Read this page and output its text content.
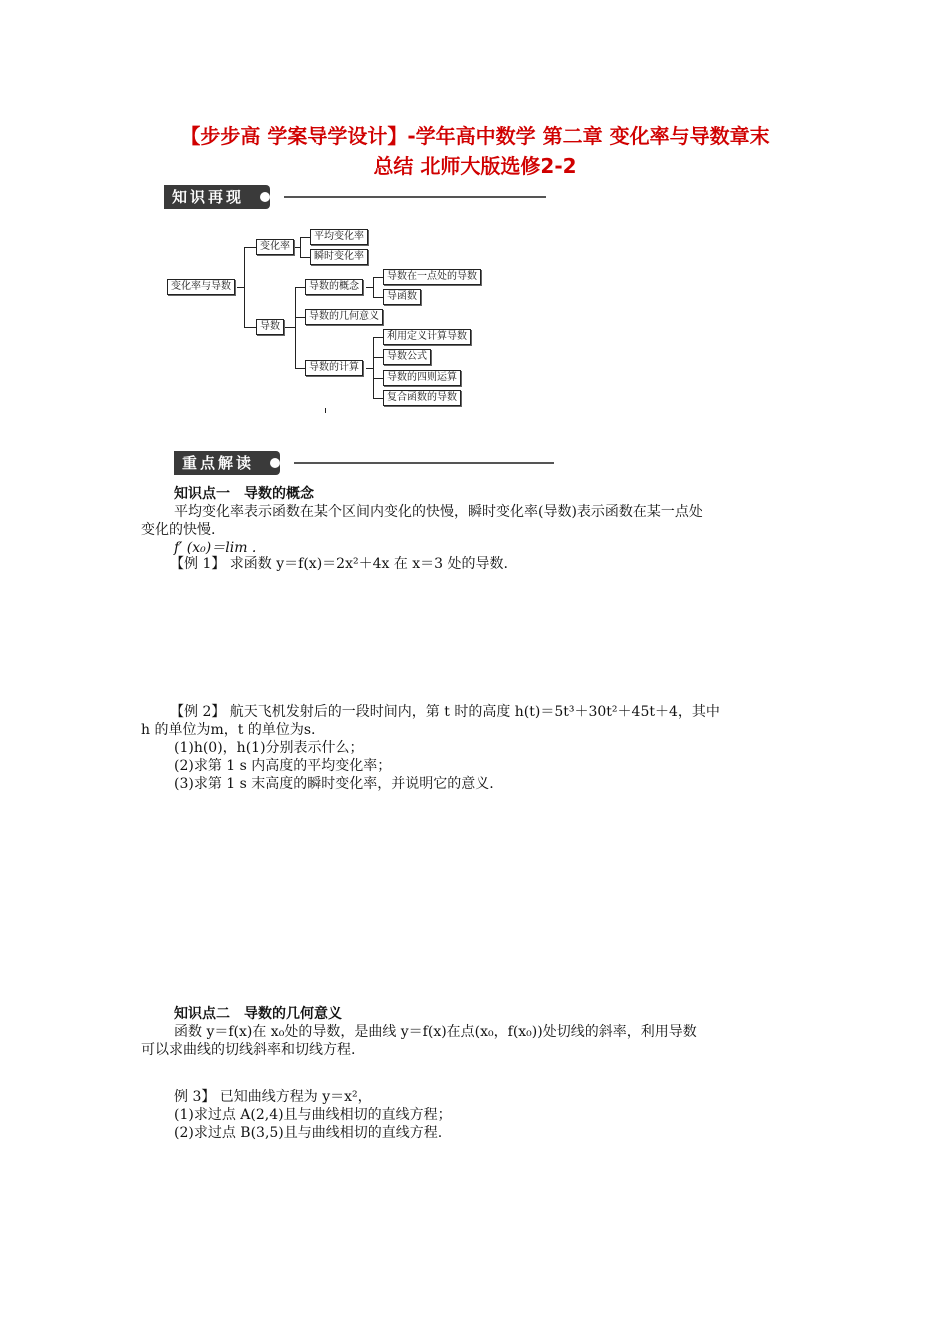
【步步高 学案导学设计】-学年高中数学 第二章 变化率与导数章末
总结 北师大版选修2-2
知识再现
变化率与导数
变化率
平均变化率
瞬时变化率
导数
导数的概念
导数在一点处的导数
导函数
导数的几何意义
导数的计算
利用定义计算导数
导数公式
导数的四则运算
复合函数的导数
重点解读
知识点一　导数的概念
平均变化率表示函数在某个区间内变化的快慢，瞬时变化率(导数)表示函数在某一点处
变化的快慢.
f′ (x₀)＝lim .
【例 1】 求函数 y＝f(x)＝2x²＋4x 在 x＝3 处的导数.
【例 2】 航天飞机发射后的一段时间内，第 t 时的高度 h(t)＝5t³＋30t²＋45t＋4，其中
h 的单位为m，t 的单位为s.
(1)h(0)，h(1)分别表示什么；
(2)求第 1 s 内高度的平均变化率；
(3)求第 1 s 末高度的瞬时变化率，并说明它的意义.
知识点二　导数的几何意义
函数 y＝f(x)在 x₀处的导数，是曲线 y＝f(x)在点(x₀，f(x₀))处切线的斜率，利用导数
可以求曲线的切线斜率和切线方程.
例 3】 已知曲线方程为 y＝x²，
(1)求过点 A(2,4)且与曲线相切的直线方程；
(2)求过点 B(3,5)且与曲线相切的直线方程.
